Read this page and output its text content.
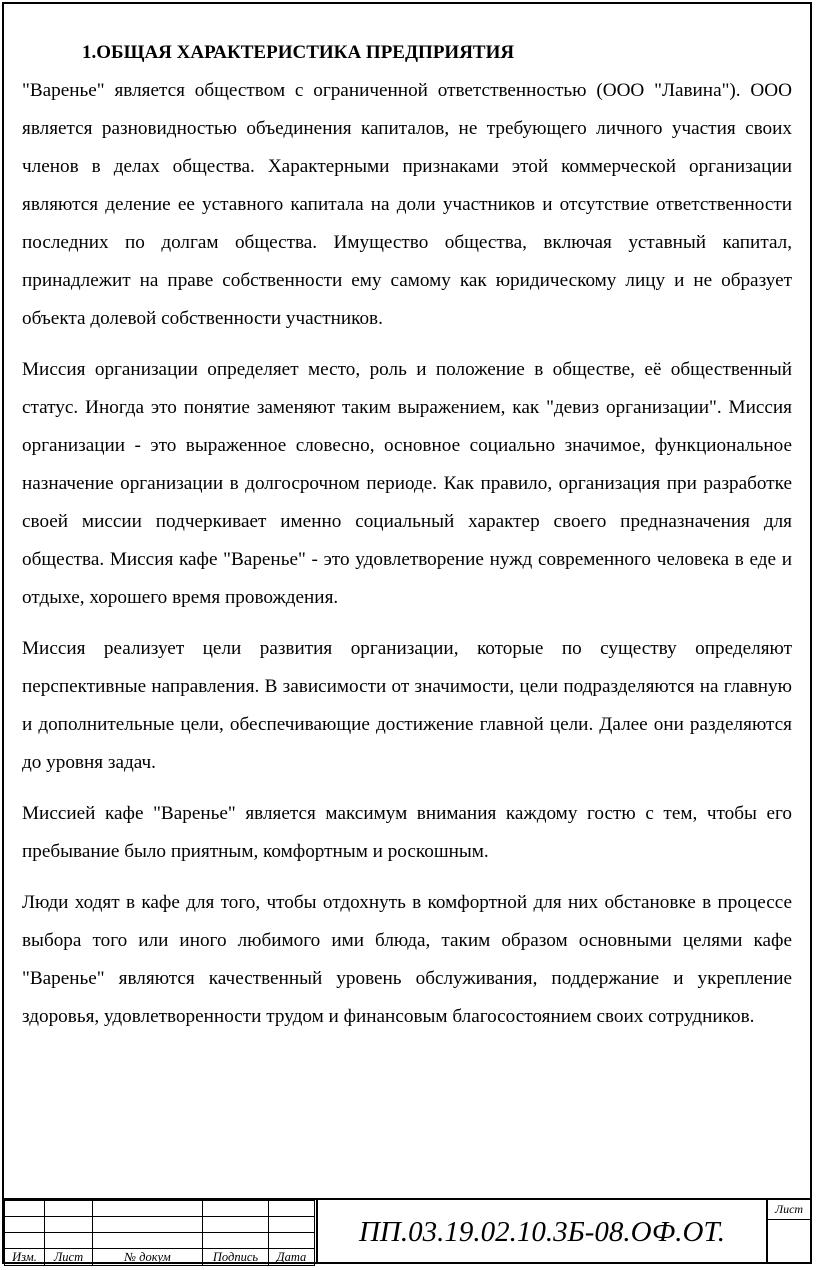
1.ОБЩАЯ ХАРАКТЕРИСТИКА ПРЕДПРИЯТИЯ

"Варенье" является обществом с ограниченной ответственностью (ООО "Лавина"). ООО является разновидностью объединения капиталов, не требующего личного участия своих членов в делах общества. Характерными признаками этой коммерческой организации являются деление ее уставного капитала на доли участников и отсутствие ответственности последних по долгам общества. Имущество общества, включая уставный капитал, принадлежит на праве собственности ему самому как юридическому лицу и не образует объекта долевой собственности участников.

Миссия организации определяет место, роль и положение в обществе, её общественный статус. Иногда это понятие заменяют таким выражением, как "девиз организации". Миссия организации - это выраженное словесно, основное социально значимое, функциональное назначение организации в долгосрочном периоде. Как правило, организация при разработке своей миссии подчеркивает именно социальный характер своего предназначения для общества. Миссия кафе "Варенье" - это удовлетворение нужд современного человека в еде и отдыхе, хорошего время провождения.

Миссия реализует цели развития организации, которые по существу определяют перспективные направления. В зависимости от значимости, цели подразделяются на главную и дополнительные цели, обеспечивающие достижение главной цели. Далее они разделяются до уровня задач.

Миссией кафе "Варенье" является максимум внимания каждому гостю с тем, чтобы его пребывание было приятным, комфортным и роскошным.

Люди ходят в кафе для того, чтобы отдохнуть в комфортной для них обстановке в процессе выбора того или иного любимого ими блюда, таким образом основными целями кафе "Варенье" являются качественный уровень обслуживания, поддержание и укрепление здоровья, удовлетворенности трудом и финансовым благосостоянием своих сотрудников.

Изм.	Лист	№ докум	Подпись	Дата
ПП.03.19.02.10.3Б-08.ОФ.ОТ.
Лист
